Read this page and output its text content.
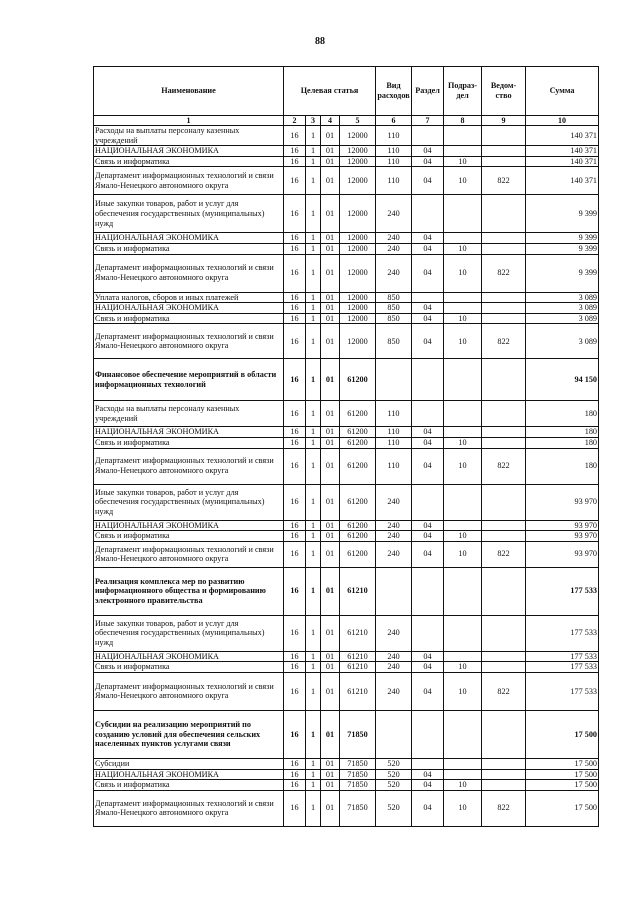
88
Наименование	Целевая статья				Вид расходов	Раздел	Подраз-дел	Ведом-ство	Сумма
1	2	3	4	5	6	7	8	9	10
Расходы на выплаты персоналу казенных учреждений	16	1	01	12000	110				140 371
НАЦИОНАЛЬНАЯ ЭКОНОМИКА	16	1	01	12000	110	04			140 371
Связь и информатика	16	1	01	12000	110	04	10		140 371
Департамент информационных технологий и связи Ямало-Ненецкого автономного округа	16	1	01	12000	110	04	10	822	140 371
Иные закупки товаров, работ и услуг для обеспечения государственных (муниципальных) нужд	16	1	01	12000	240				9 399
НАЦИОНАЛЬНАЯ ЭКОНОМИКА	16	1	01	12000	240	04			9 399
Связь и информатика	16	1	01	12000	240	04	10		9 399
Департамент информационных технологий и связи Ямало-Ненецкого автономного округа	16	1	01	12000	240	04	10	822	9 399
Уплата налогов, сборов и иных платежей	16	1	01	12000	850				3 089
НАЦИОНАЛЬНАЯ ЭКОНОМИКА	16	1	01	12000	850	04			3 089
Связь и информатика	16	1	01	12000	850	04	10		3 089
Департамент информационных технологий и связи Ямало-Ненецкого автономного округа	16	1	01	12000	850	04	10	822	3 089
Финансовое обеспечение мероприятий в области информационных технологий	16	1	01	61200					94 150
Расходы на выплаты персоналу казенных учреждений	16	1	01	61200	110				180
НАЦИОНАЛЬНАЯ ЭКОНОМИКА	16	1	01	61200	110	04			180
Связь и информатика	16	1	01	61200	110	04	10		180
Департамент информационных технологий и связи Ямало-Ненецкого автономного округа	16	1	01	61200	110	04	10	822	180
Иные закупки товаров, работ и услуг для обеспечения государственных (муниципальных) нужд	16	1	01	61200	240				93 970
НАЦИОНАЛЬНАЯ ЭКОНОМИКА	16	1	01	61200	240	04			93 970
Связь и информатика	16	1	01	61200	240	04	10		93 970
Департамент информационных технологий и связи Ямало-Ненецкого автономного округа	16	1	01	61200	240	04	10	822	93 970
Реализация комплекса мер по развитию информационного общества и формированию электронного правительства	16	1	01	61210					177 533
Иные закупки товаров, работ и услуг для обеспечения государственных (муниципальных) нужд	16	1	01	61210	240				177 533
НАЦИОНАЛЬНАЯ ЭКОНОМИКА	16	1	01	61210	240	04			177 533
Связь и информатика	16	1	01	61210	240	04	10		177 533
Департамент информационных технологий и связи Ямало-Ненецкого автономного округа	16	1	01	61210	240	04	10	822	177 533
Субсидии на реализацию мероприятий по созданию условий для обеспечения сельских населенных пунктов услугами связи	16	1	01	71850					17 500
Субсидии	16	1	01	71850	520				17 500
НАЦИОНАЛЬНАЯ ЭКОНОМИКА	16	1	01	71850	520	04			17 500
Связь и информатика	16	1	01	71850	520	04	10		17 500
Департамент информационных технологий и связи Ямало-Ненецкого автономного округа	16	1	01	71850	520	04	10	822	17 500
